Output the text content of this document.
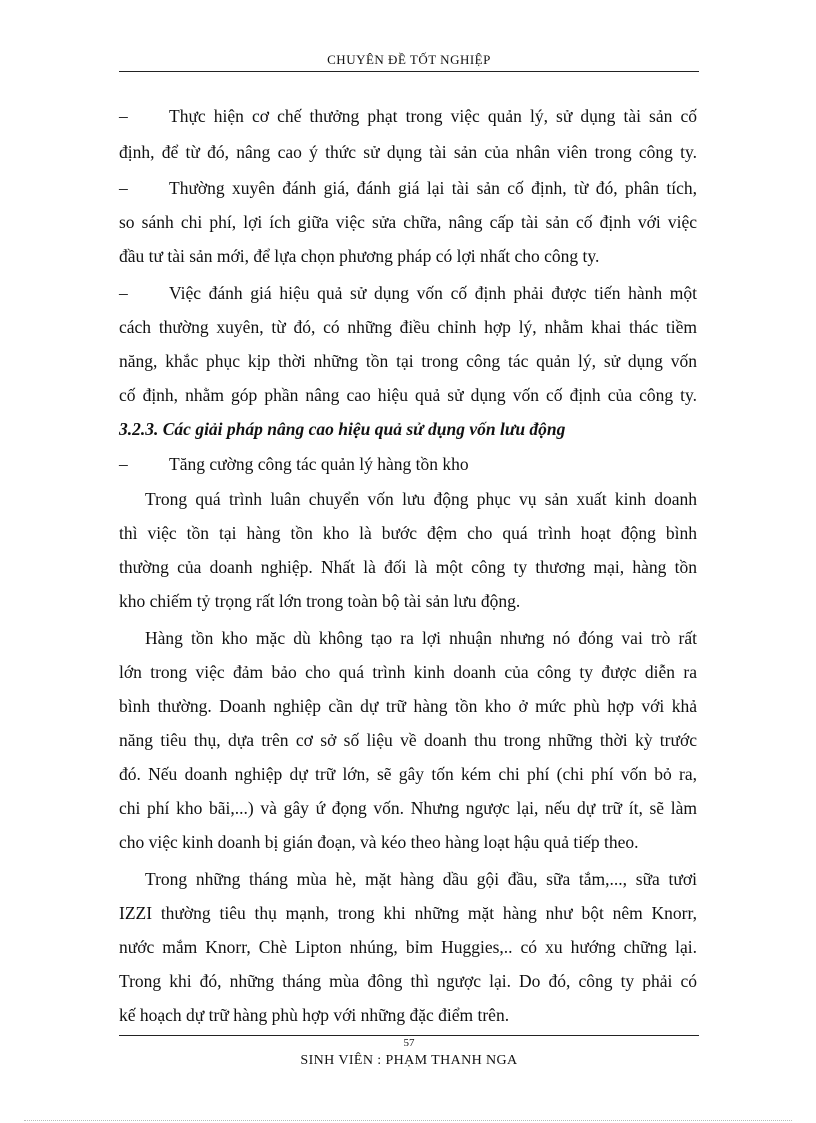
CHUYÊN ĐỀ TỐT NGHIỆP
– Thực hiện cơ chế thưởng phạt trong việc quản lý, sử dụng tài sản cố
định, để từ đó, nâng cao ý thức sử dụng tài sản của nhân viên trong công ty.
– Thường xuyên đánh giá, đánh giá lại tài sản cố định, từ đó, phân tích,
so sánh chi phí, lợi ích giữa việc sửa chữa, nâng cấp tài sản cố định với việc
đầu tư tài sản mới, để lựa chọn phương pháp có lợi nhất cho công ty.
– Việc đánh giá hiệu quả sử dụng vốn cố định phải được tiến hành một
cách thường xuyên, từ đó, có những điều chỉnh hợp lý, nhằm khai thác tiềm
năng, khắc phục kịp thời những tồn tại trong công tác quản lý, sử dụng vốn
cố định, nhằm góp phần nâng cao hiệu quả sử dụng vốn cố định của công ty.
3.2.3. Các giải pháp nâng cao hiệu quả sử dụng vốn lưu động
– Tăng cường công tác quản lý hàng tồn kho
Trong quá trình luân chuyển vốn lưu động phục vụ sản xuất kinh doanh
thì việc tồn tại hàng tồn kho là bước đệm cho quá trình hoạt động bình
thường của doanh nghiệp. Nhất là đối là một công ty thương mại, hàng tồn
kho chiếm tỷ trọng rất lớn trong toàn bộ tài sản lưu động.
Hàng tồn kho mặc dù không tạo ra lợi nhuận nhưng nó đóng vai trò rất
lớn trong việc đảm bảo cho quá trình kinh doanh của công ty được diễn ra
bình thường. Doanh nghiệp cần dự trữ hàng tồn kho ở mức phù hợp với khả
năng tiêu thụ, dựa trên cơ sở số liệu về doanh thu trong những thời kỳ trước
đó. Nếu doanh nghiệp dự trữ lớn, sẽ gây tốn kém chi phí (chi phí vốn bỏ ra,
chi phí kho bãi,...) và gây ứ đọng vốn. Nhưng ngược lại, nếu dự trữ ít, sẽ làm
cho việc kinh doanh bị gián đoạn, và kéo theo hàng loạt hậu quả tiếp theo.
Trong những tháng mùa hè, mặt hàng dầu gội đầu, sữa tắm,..., sữa tươi
IZZI thường tiêu thụ mạnh, trong khi những mặt hàng như bột nêm Knorr,
nước mắm Knorr, Chè Lipton nhúng, bỉm Huggies,.. có xu hướng chững lại.
Trong khi đó, những tháng mùa đông thì ngược lại. Do đó, công ty phải có
kế hoạch dự trữ hàng phù hợp với những đặc điểm trên.
57
SINH VIÊN : PHẠM THANH NGA
